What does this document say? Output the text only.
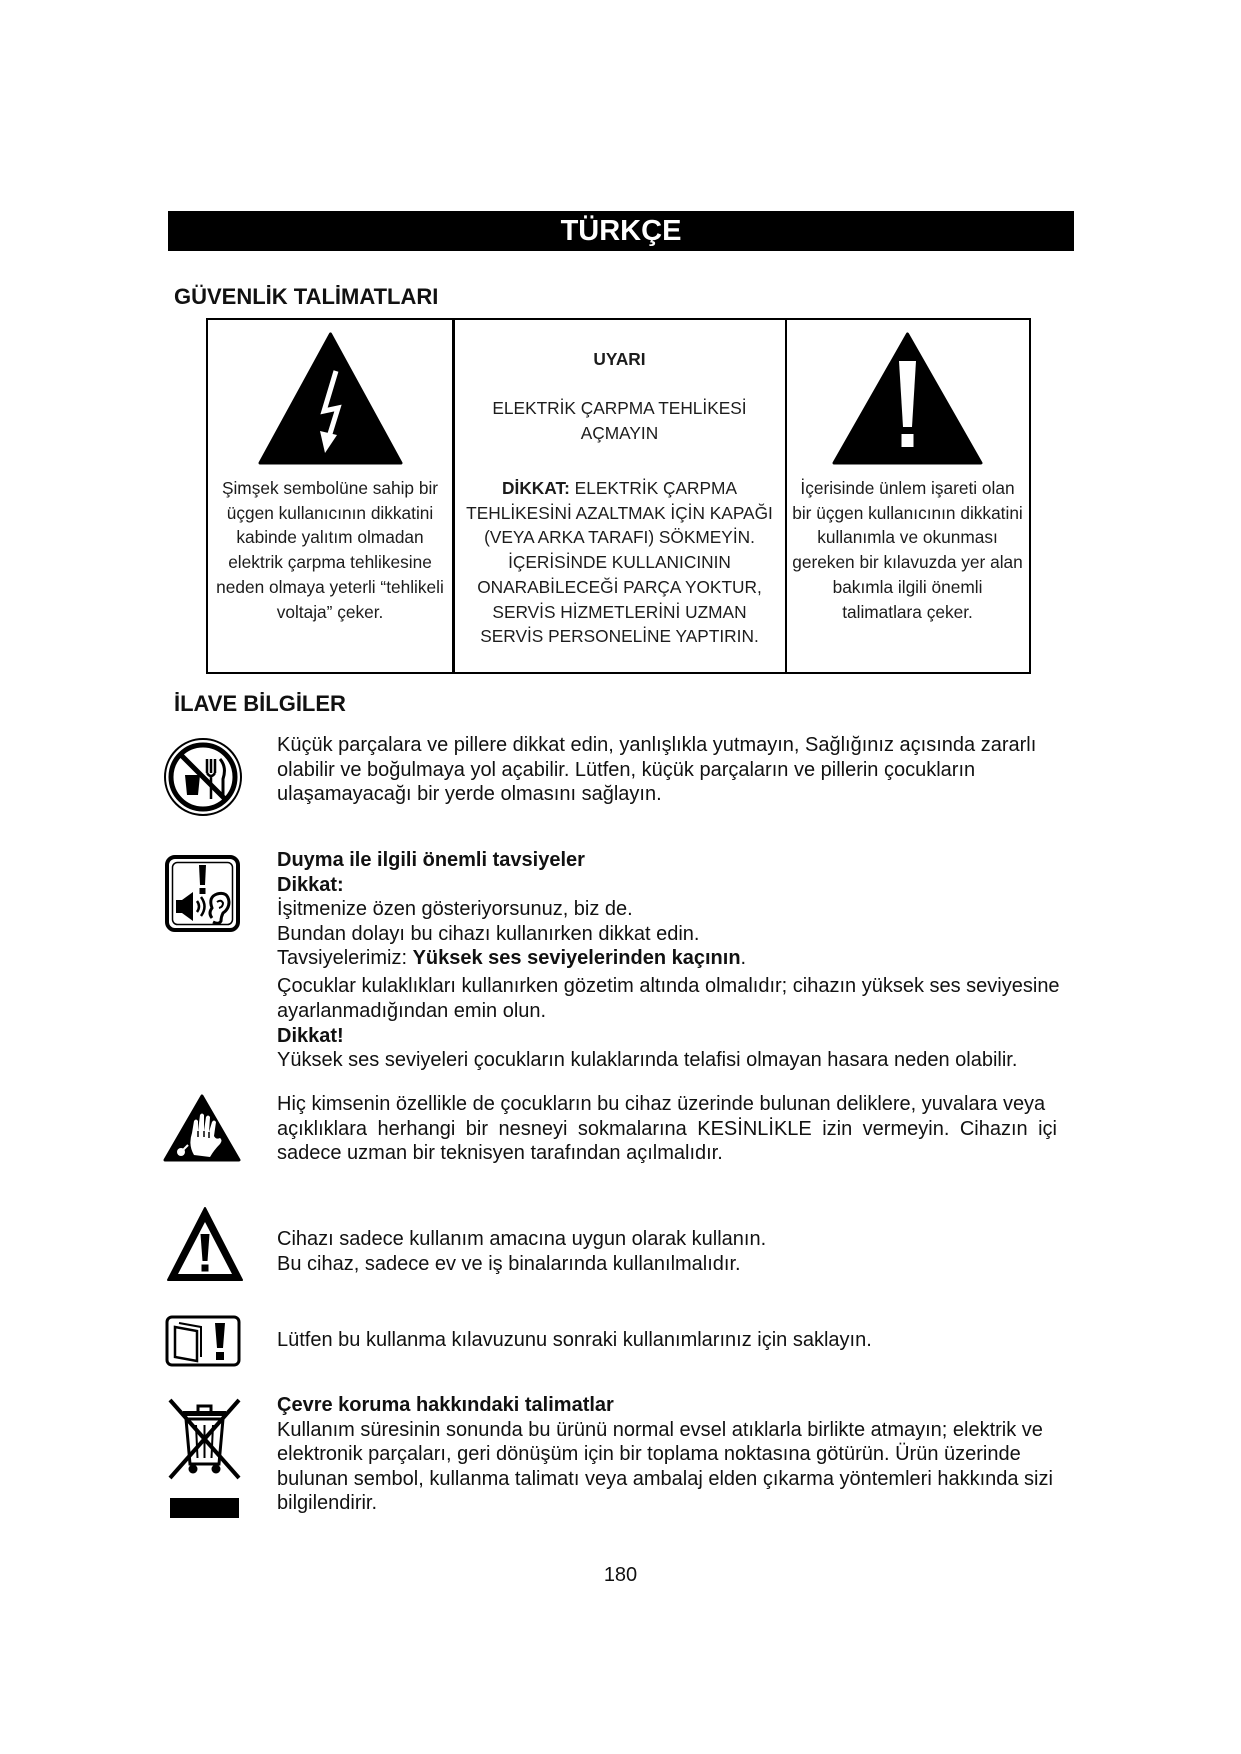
TÜRKÇE
GÜVENLİK TALİMATLARI
Şimşek sembolüne sahip bir
üçgen kullanıcının dikkatini
kabinde yalıtım olmadan
elektrik çarpma tehlikesine
neden olmaya yeterli “tehlikeli
voltaja” çeker.
UYARI
ELEKTRİK ÇARPMA TEHLİKESİ
AÇMAYIN
DİKKAT: ELEKTRİK ÇARPMA
TEHLİKESİNİ AZALTMAK İÇİN KAPAĞI
(VEYA ARKA TARAFI) SÖKMEYİN.
İÇERİSİNDE KULLANICININ
ONARABİLECEĞİ PARÇA YOKTUR,
SERVİS HİZMETLERİNİ UZMAN
SERVİS PERSONELİNE YAPTIRIN.
İçerisinde ünlem işareti olan
bir üçgen kullanıcının dikkatini
kullanımla ve okunması
gereken bir kılavuzda yer alan
bakımla ilgili önemli
talimatlara çeker.
İLAVE BİLGİLER
Küçük parçalara ve pillere dikkat edin, yanlışlıkla yutmayın, Sağlığınız açısında zararlı
olabilir ve boğulmaya yol açabilir. Lütfen, küçük parçaların ve pillerin çocukların
ulaşamayacağı bir yerde olmasını sağlayın.
Duyma ile ilgili önemli tavsiyeler
Dikkat:
İşitmenize özen gösteriyorsunuz, biz de.
Bundan dolayı bu cihazı kullanırken dikkat edin.
Tavsiyelerimiz: Yüksek ses seviyelerinden kaçının.
Çocuklar kulaklıkları kullanırken gözetim altında olmalıdır; cihazın yüksek ses seviyesine
ayarlanmadığından emin olun.
Dikkat!
Yüksek ses seviyeleri çocukların kulaklarında telafisi olmayan hasara neden olabilir.
Hiç kimsenin özellikle de çocukların bu cihaz üzerinde bulunan deliklere, yuvalara veya
açıklıklara herhangi bir nesneyi sokmalarına KESİNLİKLE izin vermeyin. Cihazın içi
sadece uzman bir teknisyen tarafından açılmalıdır.
Cihazı sadece kullanım amacına uygun olarak kullanın.
Bu cihaz, sadece ev ve iş binalarında kullanılmalıdır.
Lütfen bu kullanma kılavuzunu sonraki kullanımlarınız için saklayın.
Çevre koruma hakkındaki talimatlar
Kullanım süresinin sonunda bu ürünü normal evsel atıklarla birlikte atmayın; elektrik ve
elektronik parçaları, geri dönüşüm için bir toplama noktasına götürün. Ürün üzerinde
bulunan sembol, kullanma talimatı veya ambalaj elden çıkarma yöntemleri hakkında sizi
bilgilendirir.
180
